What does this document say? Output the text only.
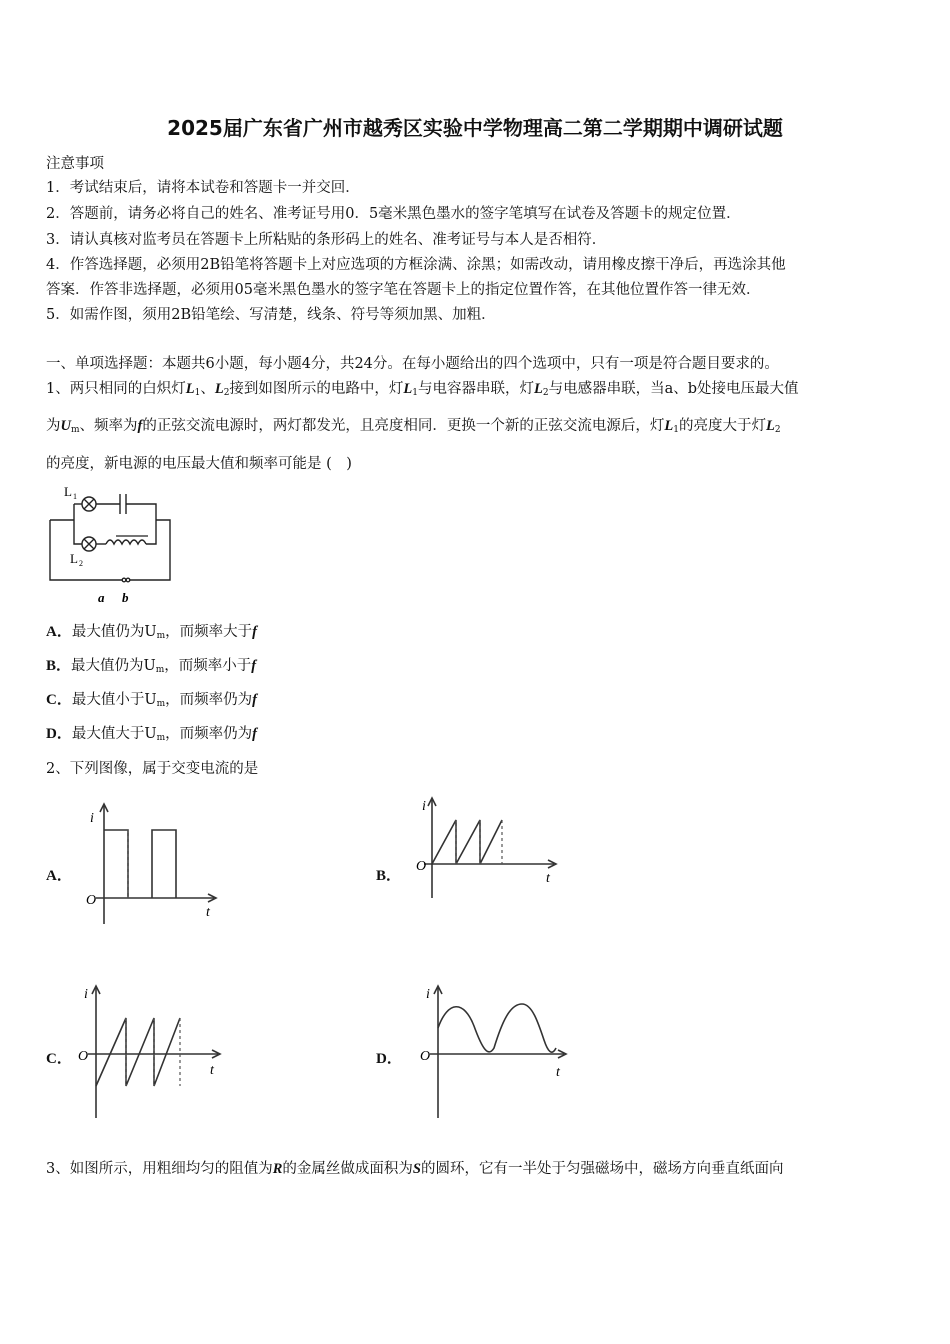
2025届广东省广州市越秀区实验中学物理高二第二学期期中调研试题
注意事项
1．考试结束后，请将本试卷和答题卡一并交回．
2．答题前，请务必将自己的姓名、准考证号用0．5毫米黑色墨水的签字笔填写在试卷及答题卡的规定位置．
3．请认真核对监考员在答题卡上所粘贴的条形码上的姓名、准考证号与本人是否相符．
4．作答选择题，必须用2B铅笔将答题卡上对应选项的方框涂满、涂黑；如需改动，请用橡皮擦干净后，再选涂其他
答案．作答非选择题，必须用05毫米黑色墨水的签字笔在答题卡上的指定位置作答，在其他位置作答一律无效．
5．如需作图，须用2B铅笔绘、写清楚，线条、符号等须加黑、加粗．
一、单项选择题：本题共6小题，每小题4分，共24分。在每小题给出的四个选项中，只有一项是符合题目要求的。
1、两只相同的白炽灯$L_1$、$L_2$接到如图所示的电路中，灯$L_1$与电容器串联，灯$L_2$与电感器串联，当a、b处接电压最大值
为$U_m$、频率为f的正弦交流电源时，两灯都发光，且亮度相同．更换一个新的正弦交流电源后，灯$L_1$的亮度大于灯$L_2$
的亮度，新电源的电压最大值和频率可能是 (　)
L 1
L 2
a b
A．最大值仍为$U_m$，而频率大于f
B．最大值仍为$U_m$，而频率小于f
C．最大值小于$U_m$，而频率仍为f
D．最大值大于$U_m$，而频率仍为f
2、下列图像，属于交变电流的是
A．	B．
C．	D．
i
t
O
i
t
O
i
t
O
i
t
O
3、如图所示，用粗细均匀的阻值为R的金属丝做成面积为S的圆环，它有一半处于匀强磁场中，磁场方向垂直纸面向
